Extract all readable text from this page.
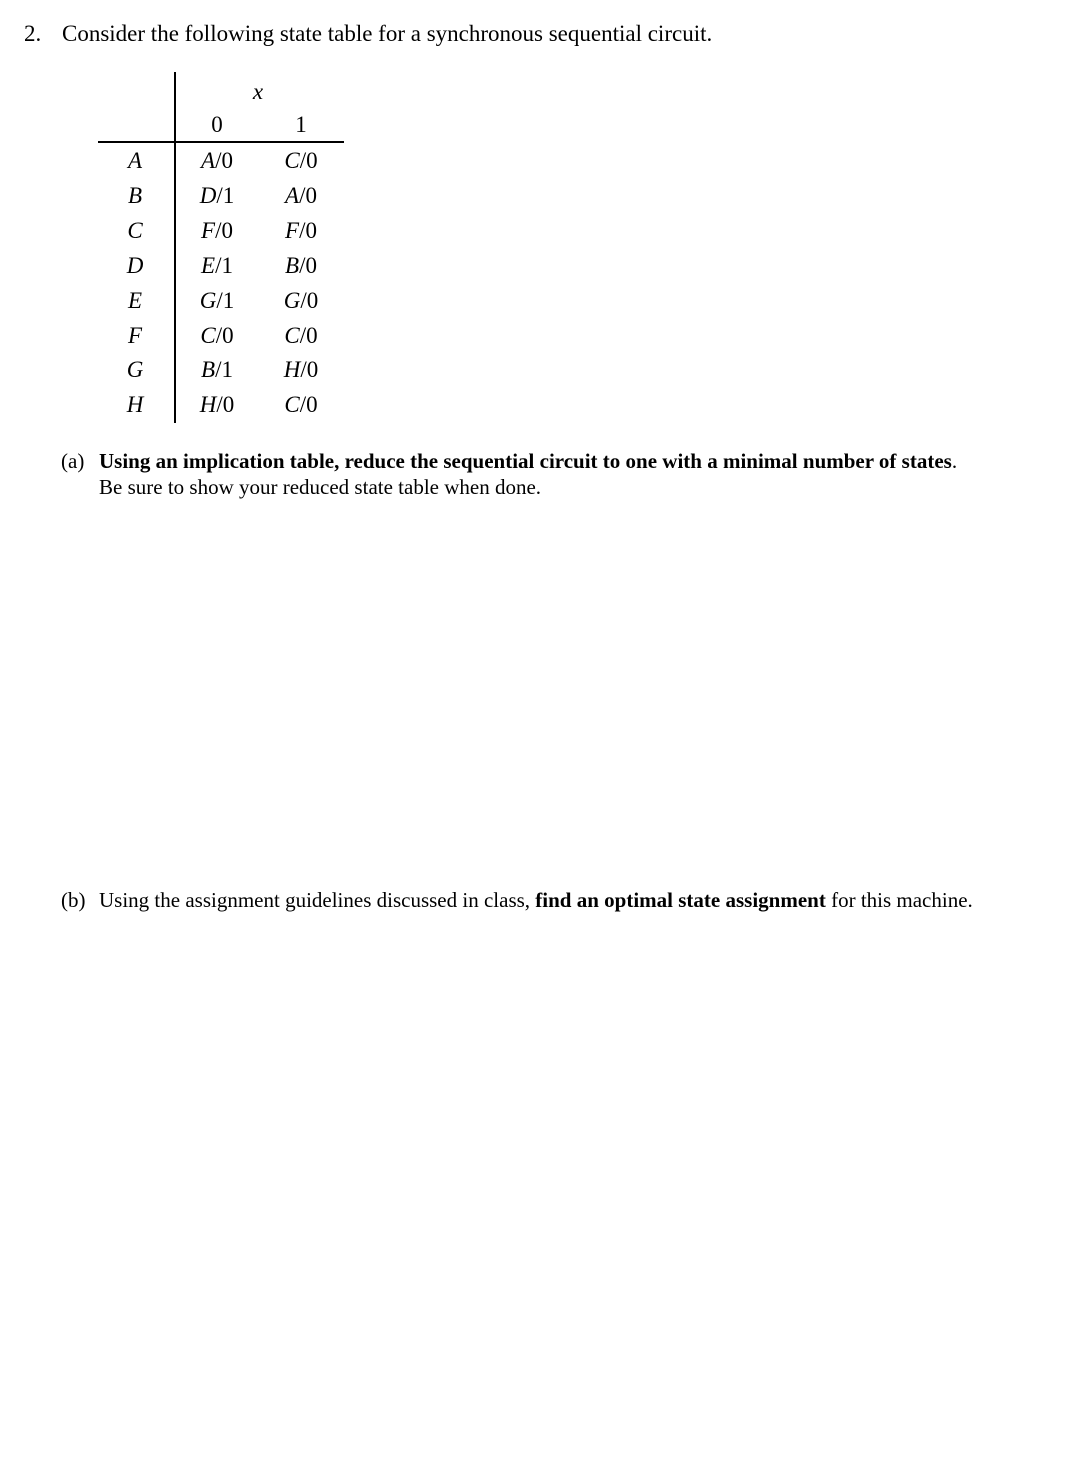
2. Consider the following state table for a synchronous sequential circuit.
x
0	1
A	A/0	C/0
B	D/1	A/0
C	F/0	F/0
D	E/1	B/0
E	G/1	G/0
F	C/0	C/0
G	B/1	H/0
H	H/0	C/0
(a) Using an implication table, reduce the sequential circuit to one with a minimal number of states.
Be sure to show your reduced state table when done.
(b) Using the assignment guidelines discussed in class, find an optimal state assignment for this machine.
